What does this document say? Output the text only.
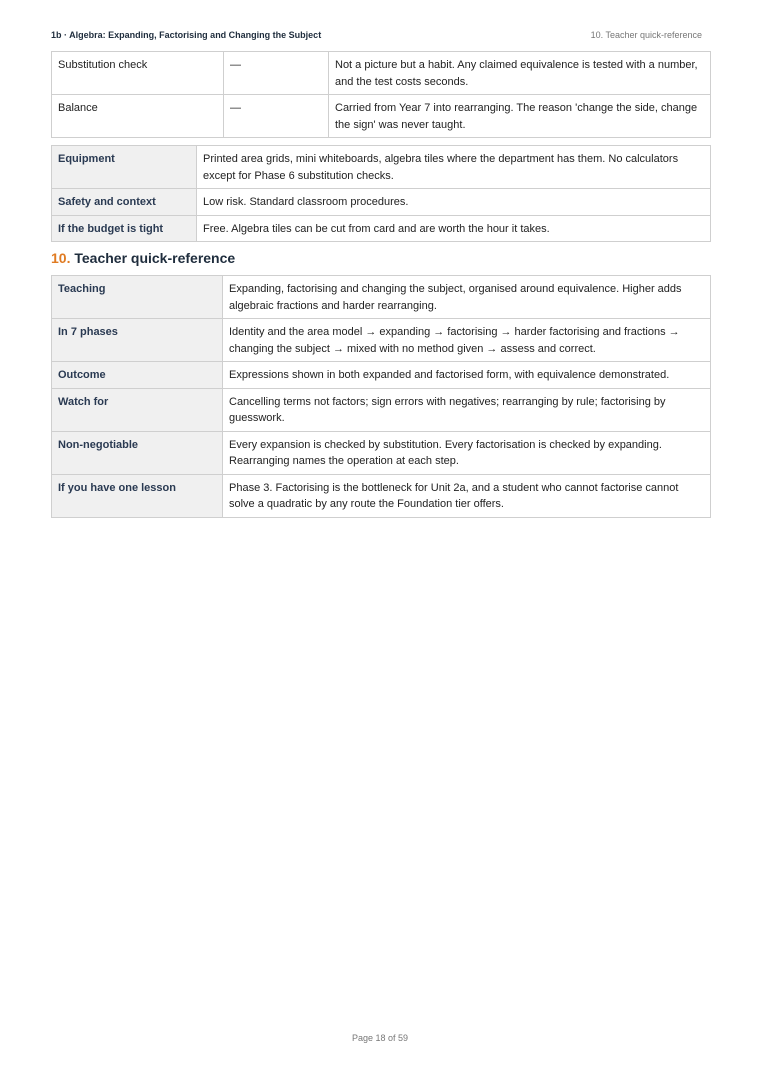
1b · Algebra: Expanding, Factorising and Changing the Subject	10. Teacher quick-reference
Substitution check	—	Not a picture but a habit. Any claimed equivalence is tested with a number, and the test costs seconds.
Balance	—	Carried from Year 7 into rearranging. The reason 'change the side, change the sign' was never taught.
Equipment	Printed area grids, mini whiteboards, algebra tiles where the department has them. No calculators except for Phase 6 substitution checks.
Safety and context	Low risk. Standard classroom procedures.
If the budget is tight	Free. Algebra tiles can be cut from card and are worth the hour it takes.
10. Teacher quick-reference
Teaching	Expanding, factorising and changing the subject, organised around equivalence. Higher adds algebraic fractions and harder rearranging.
In 7 phases	Identity and the area model → expanding → factorising → harder factorising and fractions → changing the subject → mixed with no method given → assess and correct.
Outcome	Expressions shown in both expanded and factorised form, with equivalence demonstrated.
Watch for	Cancelling terms not factors; sign errors with negatives; rearranging by rule; factorising by guesswork.
Non-negotiable	Every expansion is checked by substitution. Every factorisation is checked by expanding. Rearranging names the operation at each step.
If you have one lesson	Phase 3. Factorising is the bottleneck for Unit 2a, and a student who cannot factorise cannot solve a quadratic by any route the Foundation tier offers.
Page 18 of 59
